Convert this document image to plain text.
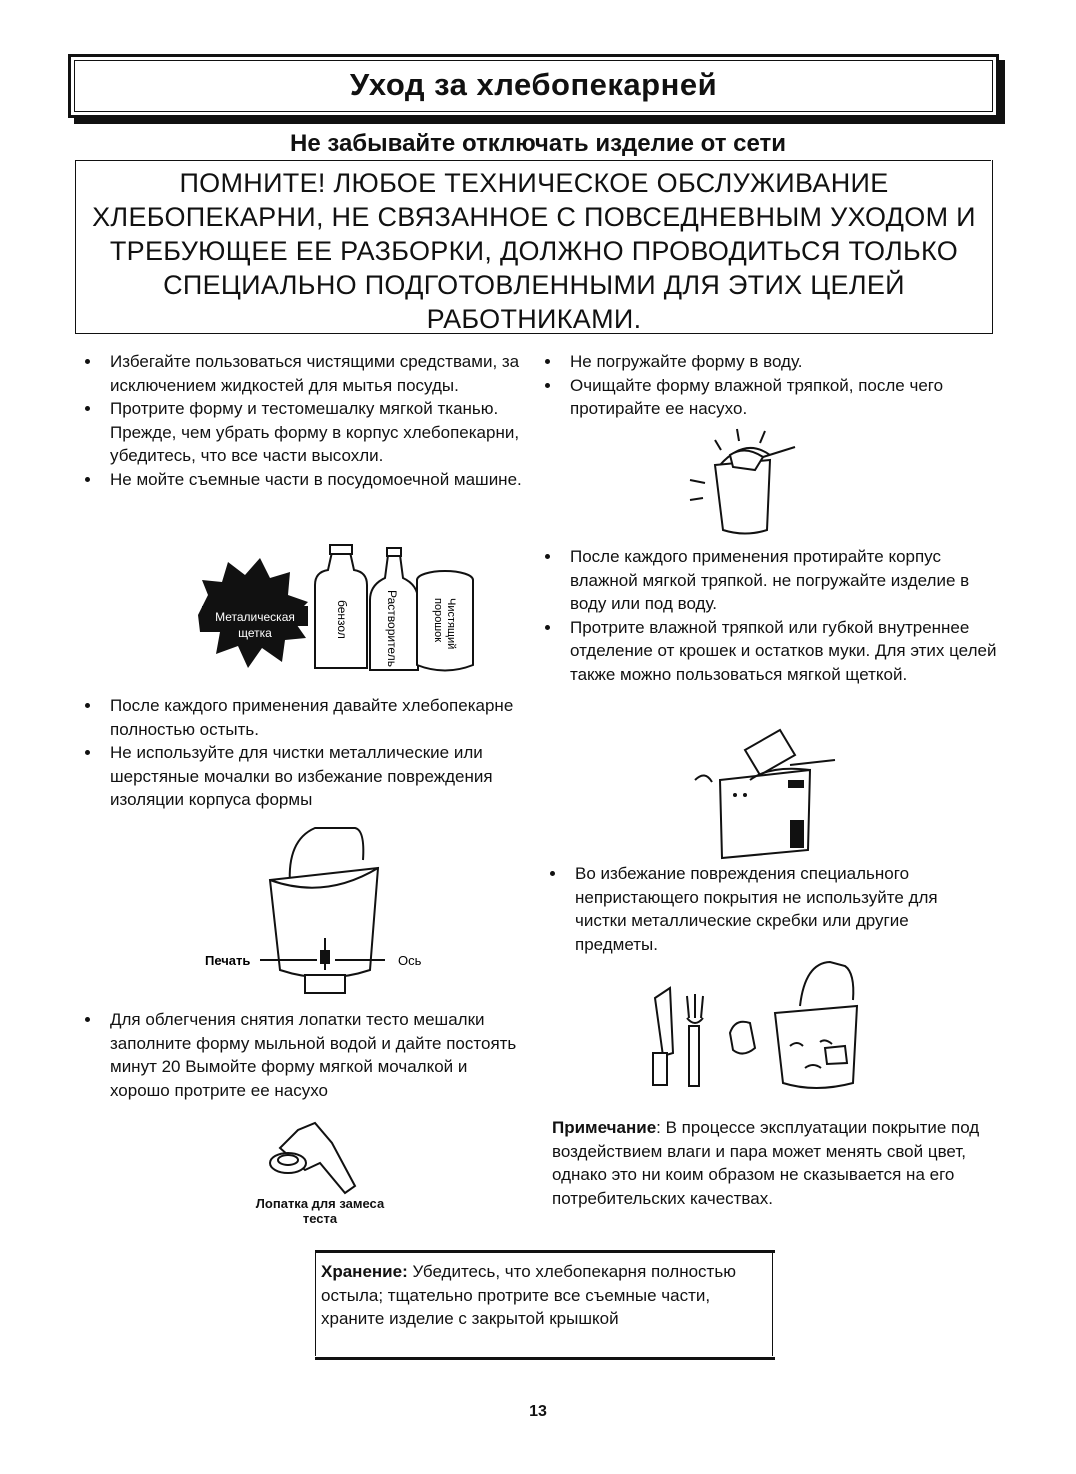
Уход за хлебопекарней
Не забывайте отключать изделие от сети
ПОМНИТЕ! ЛЮБОЕ ТЕХНИЧЕСКОЕ ОБСЛУЖИВАНИЕ
ХЛЕБОПЕКАРНИ, НЕ СВЯЗАННОЕ С ПОВСЕДНЕВНЫМ УХОДОМ И
ТРЕБУЮЩЕЕ ЕЕ РАЗБОРКИ, ДОЛЖНО ПРОВОДИТЬСЯ ТОЛЬКО
СПЕЦИАЛЬНО ПОДГОТОВЛЕННЫМИ ДЛЯ ЭТИХ ЦЕЛЕЙ
РАБОТНИКАМИ.
Избегайте пользоваться чистящими средствами, за исключением жидкостей для мытья посуды.
Протрите форму и тестомешалку мягкой тканью. Прежде, чем убрать форму в корпус хлебопекарни, убедитесь, что все части высохли.
Не мойте съемные части в посудомоечной машине.
Металическая
щетка	бензол	Растворитель	Чистящий
порошок
После каждого применения давайте хлебопекарне полностью остыть.
Не используйте для чистки металлические или шерстяные мочалки во избежание повреждения изоляции корпуса формы
Печать	Ось
Для облегчения снятия лопатки тесто мешалки заполните форму мыльной водой и дайте постоять минут 20 Вымойте форму мягкой мочалкой и хорошо протрите ее насухо
Лопатка для замеса
теста
Не погружайте форму в воду.
Очищайте форму влажной тряпкой, после чего протирайте ее насухо.
После каждого применения протирайте корпус влажной мягкой тряпкой. не погружайте изделие в воду или под воду.
Протрите влажной тряпкой или губкой внутреннее отделение от крошек и остатков муки. Для этих целей также можно пользоваться мягкой щеткой.
Во избежание повреждения специального непристающего покрытия не используйте для чистки металлические скребки или другие предметы.
Примечание: В процессе эксплуатации покрытие под воздействием влаги и пара может менять свой цвет, однако это ни коим образом не сказывается на его потребительских качествах.
Хранение: Убедитесь, что хлебопекарня полностью остыла; тщательно протрите все съемные части, храните изделие с закрытой крышкой
13
